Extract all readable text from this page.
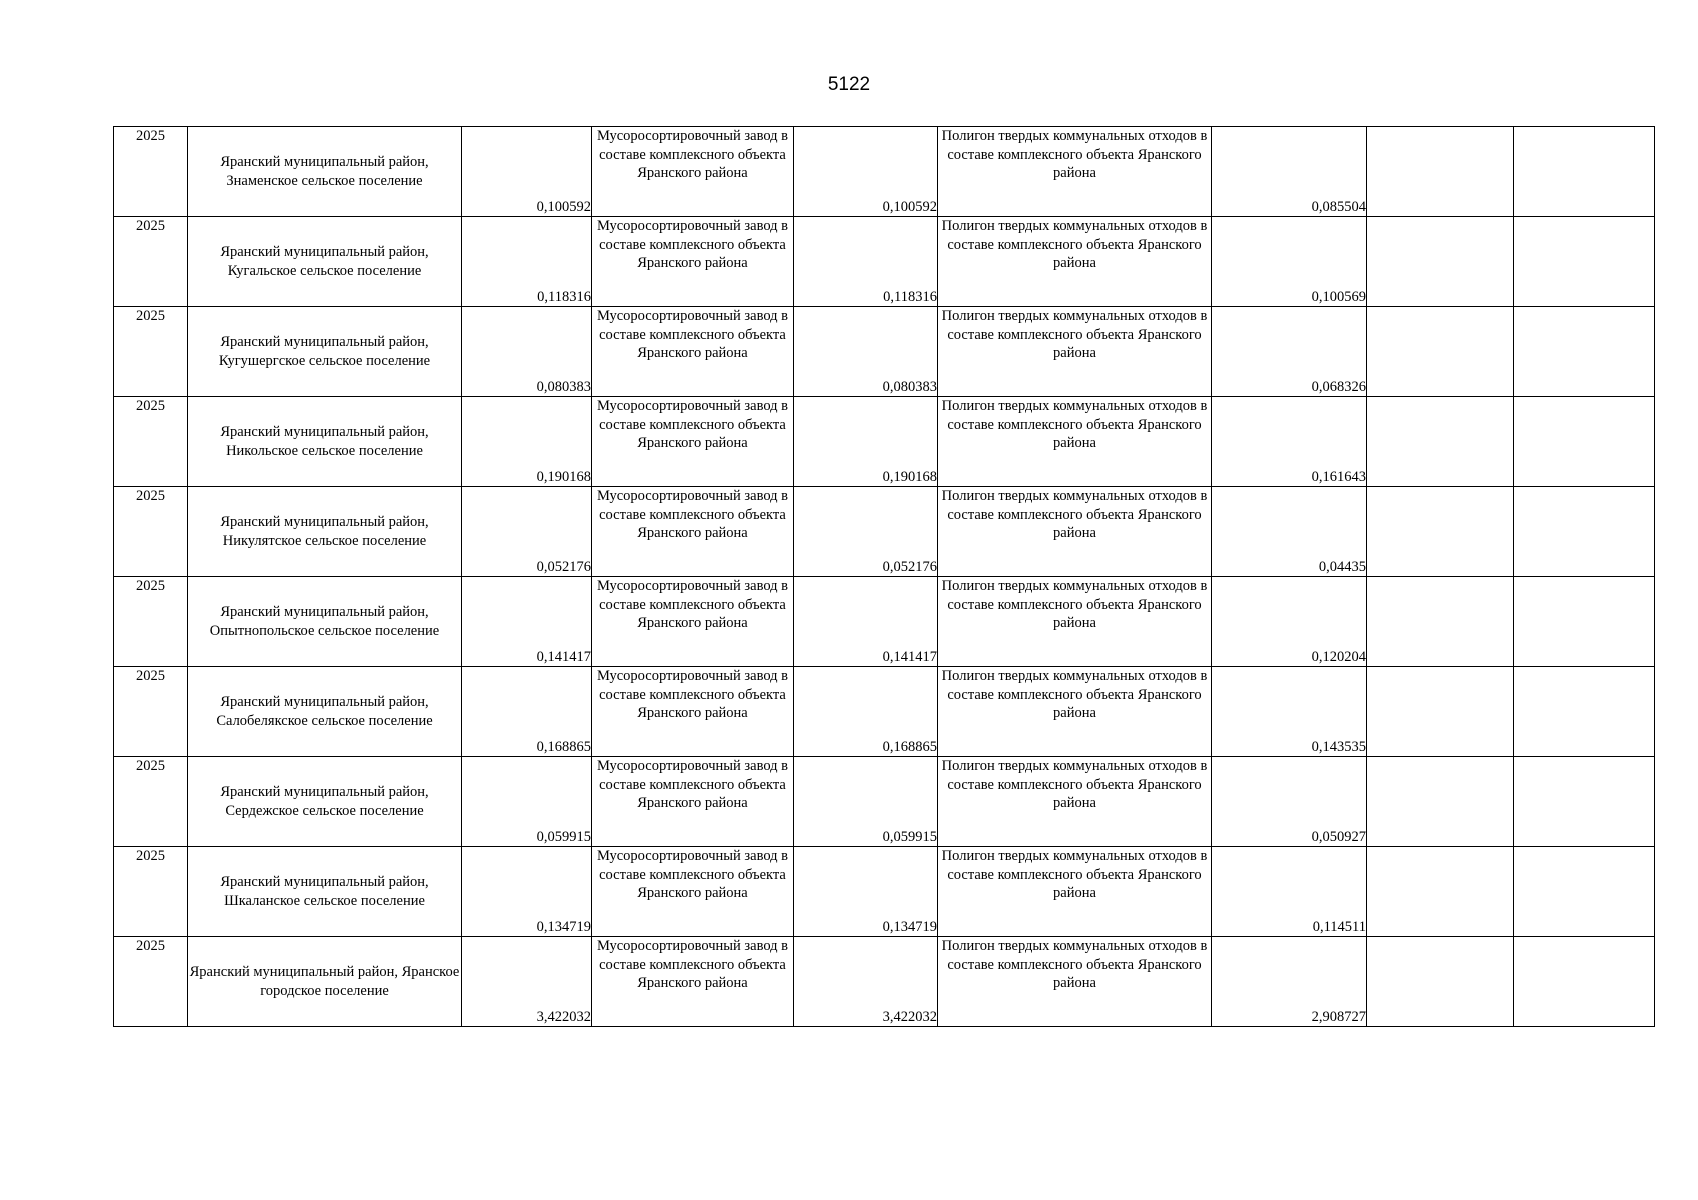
5122
2025	Яранский муниципальный район, Знаменское сельское поселение	0,100592	Мусоросортировочный завод в составе комплексного объекта Яранского района	0,100592	Полигон твердых коммунальных отходов в составе комплексного объекта Яранского района	0,085504		
2025	Яранский муниципальный район, Кугальское сельское поселение	0,118316	Мусоросортировочный завод в составе комплексного объекта Яранского района	0,118316	Полигон твердых коммунальных отходов в составе комплексного объекта Яранского района	0,100569		
2025	Яранский муниципальный район, Кугушергское сельское поселение	0,080383	Мусоросортировочный завод в составе комплексного объекта Яранского района	0,080383	Полигон твердых коммунальных отходов в составе комплексного объекта Яранского района	0,068326		
2025	Яранский муниципальный район, Никольское сельское поселение	0,190168	Мусоросортировочный завод в составе комплексного объекта Яранского района	0,190168	Полигон твердых коммунальных отходов в составе комплексного объекта Яранского района	0,161643		
2025	Яранский муниципальный район, Никулятское сельское поселение	0,052176	Мусоросортировочный завод в составе комплексного объекта Яранского района	0,052176	Полигон твердых коммунальных отходов в составе комплексного объекта Яранского района	0,04435		
2025	Яранский муниципальный район, Опытнопольское сельское поселение	0,141417	Мусоросортировочный завод в составе комплексного объекта Яранского района	0,141417	Полигон твердых коммунальных отходов в составе комплексного объекта Яранского района	0,120204		
2025	Яранский муниципальный район, Салобелякское сельское поселение	0,168865	Мусоросортировочный завод в составе комплексного объекта Яранского района	0,168865	Полигон твердых коммунальных отходов в составе комплексного объекта Яранского района	0,143535		
2025	Яранский муниципальный район, Сердежское сельское поселение	0,059915	Мусоросортировочный завод в составе комплексного объекта Яранского района	0,059915	Полигон твердых коммунальных отходов в составе комплексного объекта Яранского района	0,050927		
2025	Яранский муниципальный район, Шкаланское сельское поселение	0,134719	Мусоросортировочный завод в составе комплексного объекта Яранского района	0,134719	Полигон твердых коммунальных отходов в составе комплексного объекта Яранского района	0,114511		
2025	Яранский муниципальный район, Яранское городское поселение	3,422032	Мусоросортировочный завод в составе комплексного объекта Яранского района	3,422032	Полигон твердых коммунальных отходов в составе комплексного объекта Яранского района	2,908727		
